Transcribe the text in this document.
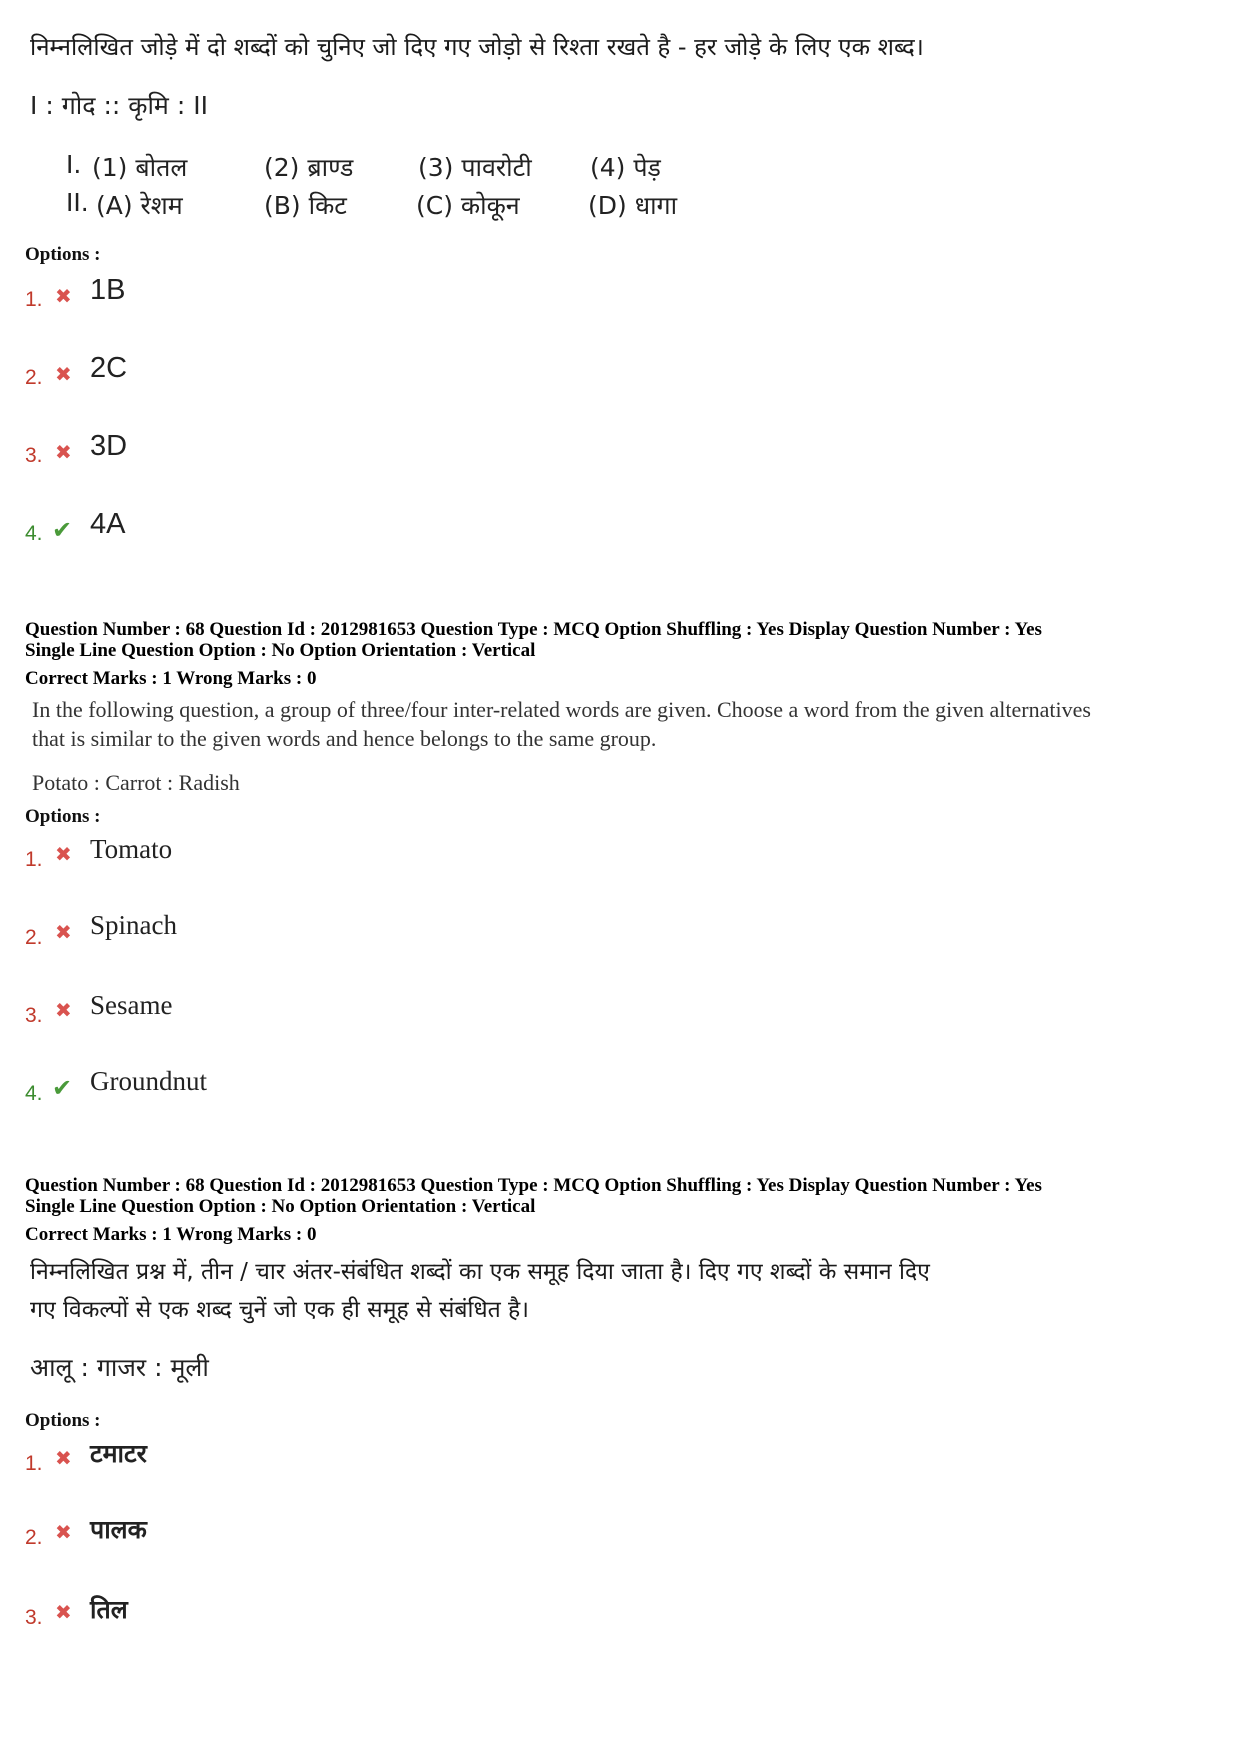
निम्नलिखित जोड़े में दो शब्दों को चुनिए जो दिए गए जोड़ो से रिश्ता रखते है - हर जोड़े के लिए एक शब्द।
I : गोद :: कृमि : II
I. (1) बोतल	(2) ब्राण्ड	(3) पावरोटी (4) पेड़
II. (A) रेशम	(B) किट	(C) कोकून	(D) धागा
Options :
1. ✖ 1B
2. ✖ 2C
3. ✖ 3D
4. ✔ 4A
Question Number : 68 Question Id : 2012981653 Question Type : MCQ Option Shuffling : Yes Display Question Number : Yes
Single Line Question Option : No Option Orientation : Vertical
Correct Marks : 1 Wrong Marks : 0
In the following question, a group of three/four inter-related words are given. Choose a word from the given alternatives
that is similar to the given words and hence belongs to the same group.
Potato : Carrot : Radish
Options :
1. ✖ Tomato
2. ✖ Spinach
3. ✖ Sesame
4. ✔ Groundnut
Question Number : 68 Question Id : 2012981653 Question Type : MCQ Option Shuffling : Yes Display Question Number : Yes
Single Line Question Option : No Option Orientation : Vertical
Correct Marks : 1 Wrong Marks : 0
निम्नलिखित प्रश्न में, तीन / चार अंतर-संबंधित शब्दों का एक समूह दिया जाता है। दिए गए शब्दों के समान दिए
गए विकल्पों से एक शब्द चुनें जो एक ही समूह से संबंधित है।
आलू : गाजर : मूली
Options :
1. ✖ टमाटर
2. ✖ पालक
3. ✖ तिल
